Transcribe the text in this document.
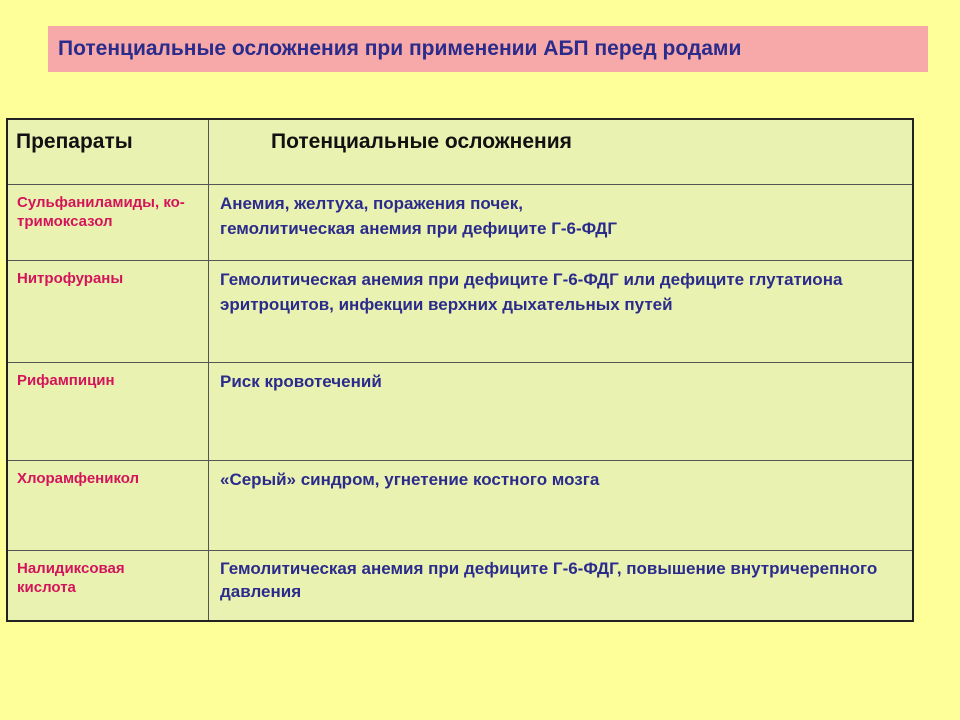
Потенциальные осложнения при применении АБП перед родами
Препараты	Потенциальные осложнения

Сульфаниламиды, ко-тримоксазол	Анемия, желтуха, поражения почек, гемолитическая анемия при дефиците Г-6-ФДГ

Нитрофураны	Гемолитическая анемия при дефиците Г-6-ФДГ или дефиците глутатиона эритроцитов, инфекции верхних дыхательных путей

Рифампицин	Риск кровотечений

Хлорамфеникол	«Серый» синдром, угнетение костного мозга

Налидиксовая кислота	Гемолитическая анемия при дефиците Г-6-ФДГ, повышение внутричерепного давления
